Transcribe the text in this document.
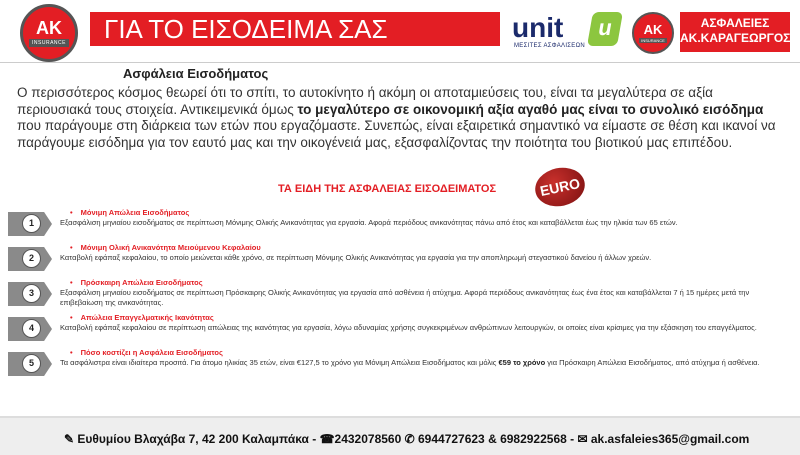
AK
INSURANCE	ΓΙΑ ΤΟ ΕΙΣΟΔΕΙΜΑ ΣΑΣ	unit
ΜΕΣΙΤΕΣ ΑΣΦΑΛΙΣΕΩΝ
u	AK
INSURANCE
ΑΣΦΑΛΕΙΕΣ
ΑΚ.ΚΑΡΑΓΕΩΡΓΟΣ
Ασφάλεια Εισοδήματος
Ο περισσότερος κόσμος θεωρεί ότι το σπίτι, το αυτοκίνητο ή ακόμη οι αποταμιεύσεις του, είναι τα μεγαλύτερα σε αξία περιουσιακά τους στοιχεία. Αντικειμενικά όμως το μεγαλύτερο σε οικονομική αξία αγαθό μας είναι το συνολικό εισόδημα που παράγουμε στη διάρκεια των ετών που εργαζόμαστε. Συνεπώς, είναι εξαιρετικά σημαντικό να είμαστε σε θέση και ικανοί να παράγουμε εισόδημα για τον εαυτό μας και την οικογένειά μας, εξασφαλίζοντας την ποιότητα του βιοτικού μας επιπέδου.
ΤΑ ΕΙΔΗ ΤΗΣ ΑΣΦΑΛΕΙΑΣ ΕΙΣΟΔΕΙΜΑΤΟΣ	EURO
1
• Μόνιμη Απώλεια Εισοδήματος
Εξασφάλιση μηνιαίου εισοδήματος σε περίπτωση Μόνιμης Ολικής Ανικανότητας για εργασία. Αφορά περιόδους ανικανότητας πάνω από έτος και καταβάλλεται έως την ηλικία των 65 ετών.
2
• Μόνιμη Ολική Ανικανότητα Μειούμενου Κεφαλαίου
Καταβολή εφάπαξ κεφαλαίου, το οποίο μειώνεται κάθε χρόνο, σε περίπτωση Μόνιμης Ολικής Ανικανότητας για εργασία για την αποπληρωμή στεγαστικού δανείου ή άλλων χρεών.
3
• Πρόσκαιρη Απώλεια Εισοδήματος
Εξασφάλιση μηνιαίου εισοδήματος σε περίπτωση Πρόσκαιρης Ολικής Ανικανότητας για εργασία από ασθένεια ή ατύχημα. Αφορά περιόδους ανικανότητας έως ένα έτος και καταβάλλεται 7 ή 15 ημέρες μετά την επιβεβαίωση της ανικανότητας.
4
• Απώλεια Επαγγελματικής Ικανότητας
Καταβολή εφάπαξ κεφαλαίου σε περίπτωση απώλειας της ικανότητας για εργασία, λόγω αδυναμίας χρήσης συγκεκριμένων ανθρώπινων λειτουργιών, οι οποίες είναι κρίσιμες για την εξάσκηση του επαγγέλματος.
5
• Πόσο κοστίζει η Ασφάλεια Εισοδήματος
Τα ασφάλιστρα είναι ιδιαίτερα προσιτά. Για άτομο ηλικίας 35 ετών, είναι €127,5 το χρόνο για Μόνιμη Απώλεια Εισοδήματος και μόλις €59 το χρόνο για Πρόσκαιρη Απώλεια Εισοδήματος, από ατύχημα ή ασθένεια.
✎ Ευθυμίου Βλαχάβα 7, 42 200 Καλαμπάκα - ☎2432078560 ✆ 6944727623 & 6982922568 - ✉ ak.asfaleies365@gmail.com
